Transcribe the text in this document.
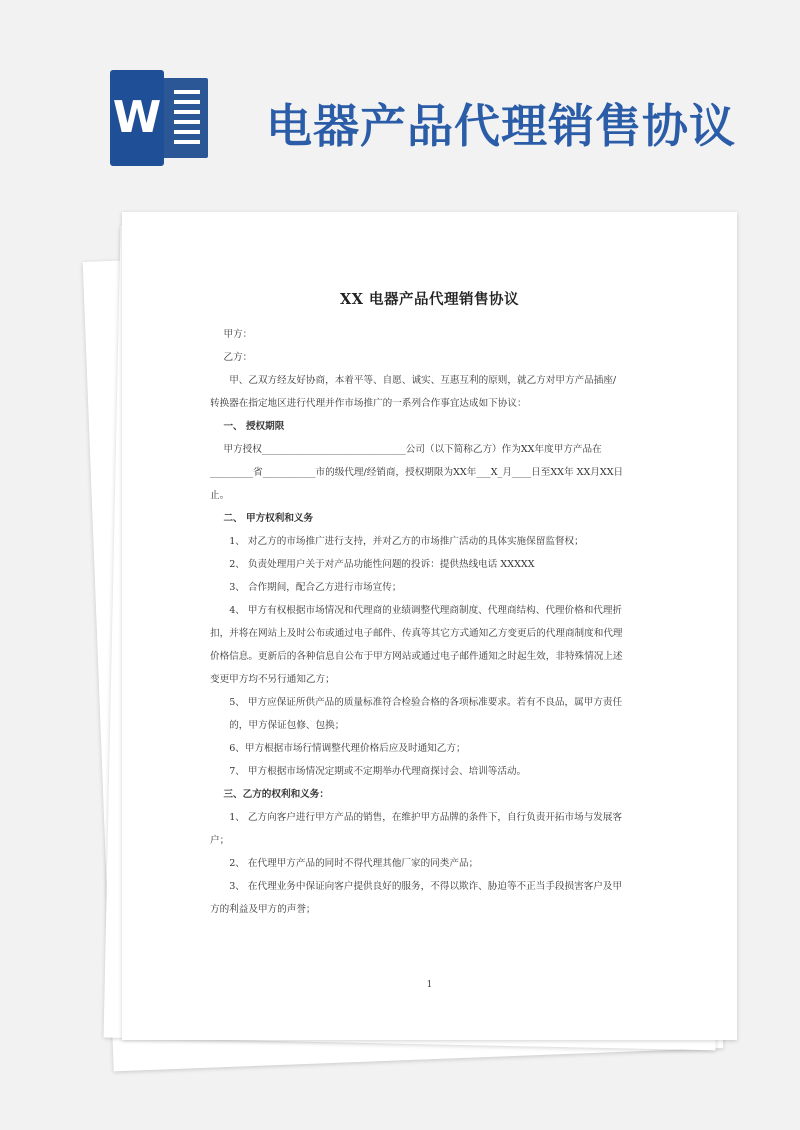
W 电器产品代理销售协议
XX 电器产品代理销售协议

甲方：

乙方：

甲、乙双方经友好协商，本着平等、自愿、诚实、互惠互利的原则，就乙方对甲方产品插座/转换器在指定地区进行代理并作市场推广的一系列合作事宜达成如下协议：

一、 授权期限

甲方授权______________________________公司（以下简称乙方）作为XX年度甲方产品在_________省___________市的级代理/经销商，授权期限为XX年___X_月____日至XX年 XX月XX日止。

二、 甲方权利和义务

1、 对乙方的市场推广进行支持，并对乙方的市场推广活动的具体实施保留监督权；

2、 负责处理用户关于对产品功能性问题的投诉：提供热线电话 XXXXX

3、 合作期间，配合乙方进行市场宣传；

4、 甲方有权根据市场情况和代理商的业绩调整代理商制度、代理商结构、代理价格和代理折扣，并将在网站上及时公布或通过电子邮件、传真等其它方式通知乙方变更后的代理商制度和代理价格信息。更新后的各种信息自公布于甲方网站或通过电子邮件通知之时起生效，非特殊情况上述变更甲方均不另行通知乙方；

5、 甲方应保证所供产品的质量标准符合检验合格的各项标准要求。若有不良品，属甲方责任的，甲方保证包修、包换；

6、甲方根据市场行情调整代理价格后应及时通知乙方；

7、 甲方根据市场情况定期或不定期举办代理商探讨会、培训等活动。

三、乙方的权利和义务：

1、 乙方向客户进行甲方产品的销售，在维护甲方品牌的条件下，自行负责开拓市场与发展客户；

2、 在代理甲方产品的同时不得代理其他厂家的同类产品；

3、 在代理业务中保证向客户提供良好的服务，不得以欺诈、胁迫等不正当手段损害客户及甲方的利益及甲方的声誉；

1
